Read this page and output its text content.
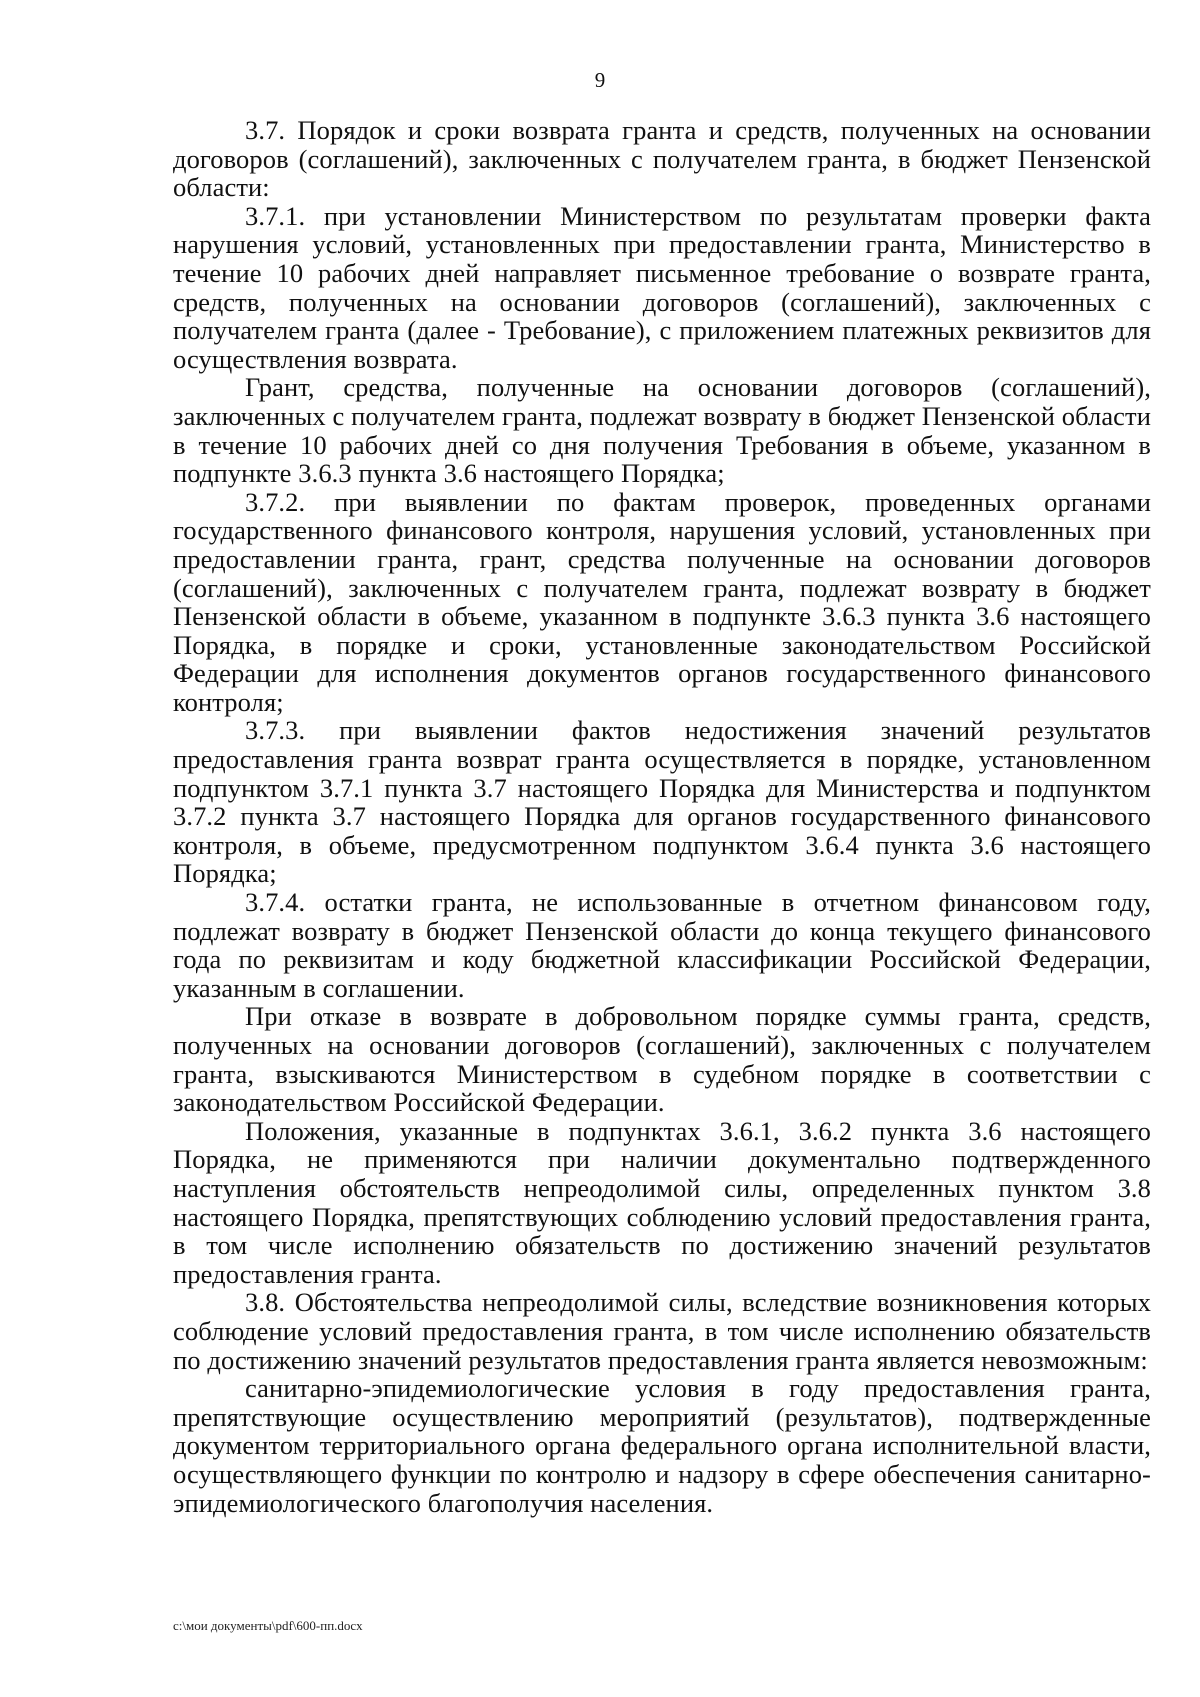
9

3.7. Порядок и сроки возврата гранта и средств, полученных на основании договоров (соглашений), заключенных с получателем гранта, в бюджет Пензенской области:

3.7.1. при установлении Министерством по результатам проверки факта нарушения условий, установленных при предоставлении гранта, Министерство в течение 10 рабочих дней направляет письменное требование о возврате гранта, средств, полученных на основании договоров (соглашений), заключенных с получателем гранта (далее - Требование), с приложением платежных реквизитов для осуществления возврата.

Грант, средства, полученные на основании договоров (соглашений), заключенных с получателем гранта, подлежат возврату в бюджет Пензенской области в течение 10 рабочих дней со дня получения Требования в объеме, указанном в подпункте 3.6.3 пункта 3.6 настоящего Порядка;

3.7.2. при выявлении по фактам проверок, проведенных органами государственного финансового контроля, нарушения условий, установленных при предоставлении гранта, грант, средства полученные на основании договоров (соглашений), заключенных с получателем гранта, подлежат возврату в бюджет Пензенской области в объеме, указанном в подпункте 3.6.3 пункта 3.6 настоящего Порядка, в порядке и сроки, установленные законодательством Российской Федерации для исполнения документов органов государственного финансового контроля;

3.7.3. при выявлении фактов недостижения значений результатов предоставления гранта возврат гранта осуществляется в порядке, установленном подпунктом 3.7.1 пункта 3.7 настоящего Порядка для Министерства и подпунктом 3.7.2 пункта 3.7 настоящего Порядка для органов государственного финансового контроля, в объеме, предусмотренном подпунктом 3.6.4 пункта 3.6 настоящего Порядка;

3.7.4. остатки гранта, не использованные в отчетном финансовом году, подлежат возврату в бюджет Пензенской области до конца текущего финансового года по реквизитам и коду бюджетной классификации Российской Федерации, указанным в соглашении.

При отказе в возврате в добровольном порядке суммы гранта, средств, полученных на основании договоров (соглашений), заключенных с получателем гранта, взыскиваются Министерством в судебном порядке в соответствии с законодательством Российской Федерации.

Положения, указанные в подпунктах 3.6.1, 3.6.2 пункта 3.6 настоящего Порядка, не применяются при наличии документально подтвержденного наступления обстоятельств непреодолимой силы, определенных пунктом 3.8 настоящего Порядка, препятствующих соблюдению условий предоставления гранта, в том числе исполнению обязательств по достижению значений результатов предоставления гранта.

3.8. Обстоятельства непреодолимой силы, вследствие возникновения которых соблюдение условий предоставления гранта, в том числе исполнению обязательств по достижению значений результатов предоставления гранта является невозможным:

санитарно-эпидемиологические условия в году предоставления гранта, препятствующие осуществлению мероприятий (результатов), подтвержденные документом территориального органа федерального органа исполнительной власти, осуществляющего функции по контролю и надзору в сфере обеспечения санитарно-эпидемиологического благополучия населения.

c:\мои документы\pdf\600-пп.docx
